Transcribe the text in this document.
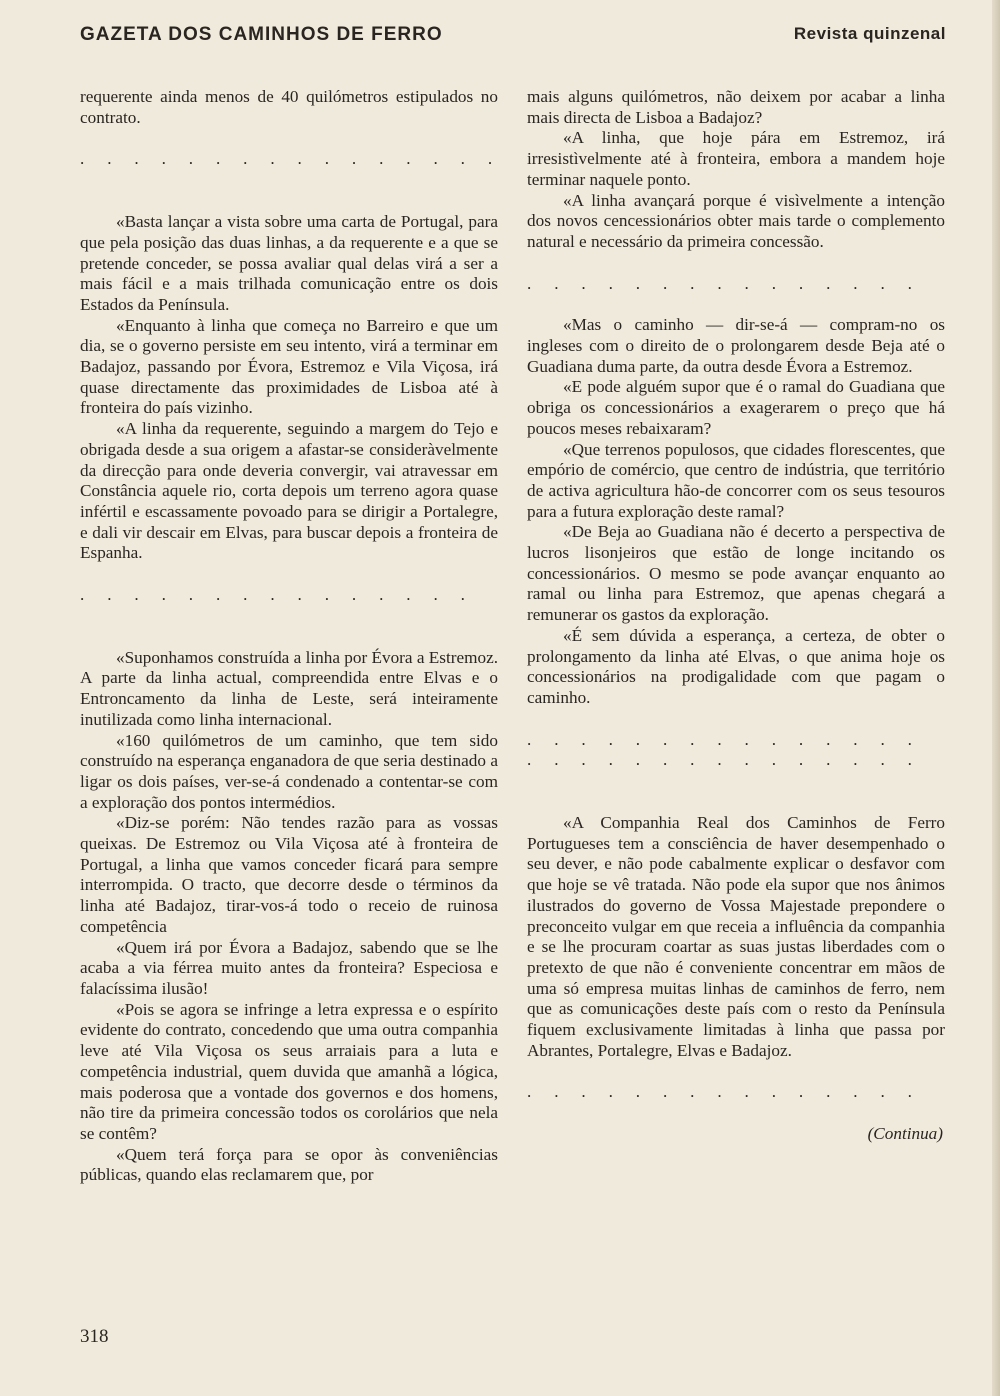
GAZETA DOS CAMINHOS DE FERRO	Revista quinzenal

requerente ainda menos de 40 quilómetros estipulados no contrato.

. . . . . . . . . . . . . . . .

«Basta lançar a vista sobre uma carta de Portugal, para que pela posição das duas linhas, a da requerente e a que se pretende conceder, se possa avaliar qual delas virá a ser a mais fácil e a mais trilhada comunicação entre os dois Estados da Península.

«Enquanto à linha que começa no Barreiro e que um dia, se o governo persiste em seu intento, virá a terminar em Badajoz, passando por Évora, Estremoz e Vila Viçosa, irá quase directamente das proximidades de Lisboa até à fronteira do país vizinho.

«A linha da requerente, seguindo a margem do Tejo e obrigada desde a sua origem a afastar-se consideràvelmente da direcção para onde deveria convergir, vai atravessar em Constância aquele rio, corta depois um terreno agora quase infértil e escassamente povoado para se dirigir a Portalegre, e dali vir descair em Elvas, para buscar depois a fronteira de Espanha.

. . . . . . . . . . . . . . .

«Suponhamos construída a linha por Évora a Estremoz. A parte da linha actual, compreendida entre Elvas e o Entroncamento da linha de Leste, será inteiramente inutilizada como linha internacional.

«160 quilómetros de um caminho, que tem sido construído na esperança enganadora de que seria destinado a ligar os dois países, ver-se-á condenado a contentar-se com a exploração dos pontos intermédios.

«Diz-se porém: Não tendes razão para as vossas queixas. De Estremoz ou Vila Viçosa até à fronteira de Portugal, a linha que vamos conceder ficará para sempre interrompida. O tracto, que decorre desde o términos da linha até Badajoz, tirar-vos-á todo o receio de ruinosa competência

«Quem irá por Évora a Badajoz, sabendo que se lhe acaba a via férrea muito antes da fronteira? Especiosa e falacíssima ilusão!

«Pois se agora se infringe a letra expressa e o espírito evidente do contrato, concedendo que uma outra companhia leve até Vila Viçosa os seus arraiais para a luta e competência industrial, quem duvida que amanhã a lógica, mais poderosa que a vontade dos governos e dos homens, não tire da primeira concessão todos os corolários que nela se contêm?

«Quem terá força para se opor às conveniências públicas, quando elas reclamarem que, por

mais alguns quilómetros, não deixem por acabar a linha mais directa de Lisboa a Badajoz?

«A linha, que hoje pára em Estremoz, irá irresistìvelmente até à fronteira, embora a mandem hoje terminar naquele ponto.

«A linha avançará porque é visìvelmente a intenção dos novos cencessionários obter mais tarde o complemento natural e necessário da primeira concessão.

. . . . . . . . . . . . . . .

«Mas o caminho — dir-se-á — compram-no os ingleses com o direito de o prolongarem desde Beja até o Guadiana duma parte, da outra desde Évora a Estremoz.

«E pode alguém supor que é o ramal do Guadiana que obriga os concessionários a exagerarem o preço que há poucos meses rebaixaram?

«Que terrenos populosos, que cidades florescentes, que empório de comércio, que centro de indústria, que território de activa agricultura hão-de concorrer com os seus tesouros para a futura exploração deste ramal?

«De Beja ao Guadiana não é decerto a perspectiva de lucros lisonjeiros que estão de longe incitando os concessionários. O mesmo se pode avançar enquanto ao ramal ou linha para Estremoz, que apenas chegará a remunerar os gastos da exploração.

«É sem dúvida a esperança, a certeza, de obter o prolongamento da linha até Elvas, o que anima hoje os concessionários na prodigalidade com que pagam o caminho.

. . . . . . . . . . . . . . .
. . . . . . . . . . . . . . .

«A Companhia Real dos Caminhos de Ferro Portugueses tem a consciência de haver desempenhado o seu dever, e não pode cabalmente explicar o desfavor com que hoje se vê tratada. Não pode ela supor que nos ânimos ilustrados do governo de Vossa Majestade prepondere o preconceito vulgar em que receia a influência da companhia e se lhe procuram coartar as suas justas liberdades com o pretexto de que não é conveniente concentrar em mãos de uma só empresa muitas linhas de caminhos de ferro, nem que as comunicações deste país com o resto da Península fiquem exclusivamente limitadas à linha que passa por Abrantes, Portalegre, Elvas e Badajoz.

. . . . . . . . . . . . . . .

(Continua)

318
